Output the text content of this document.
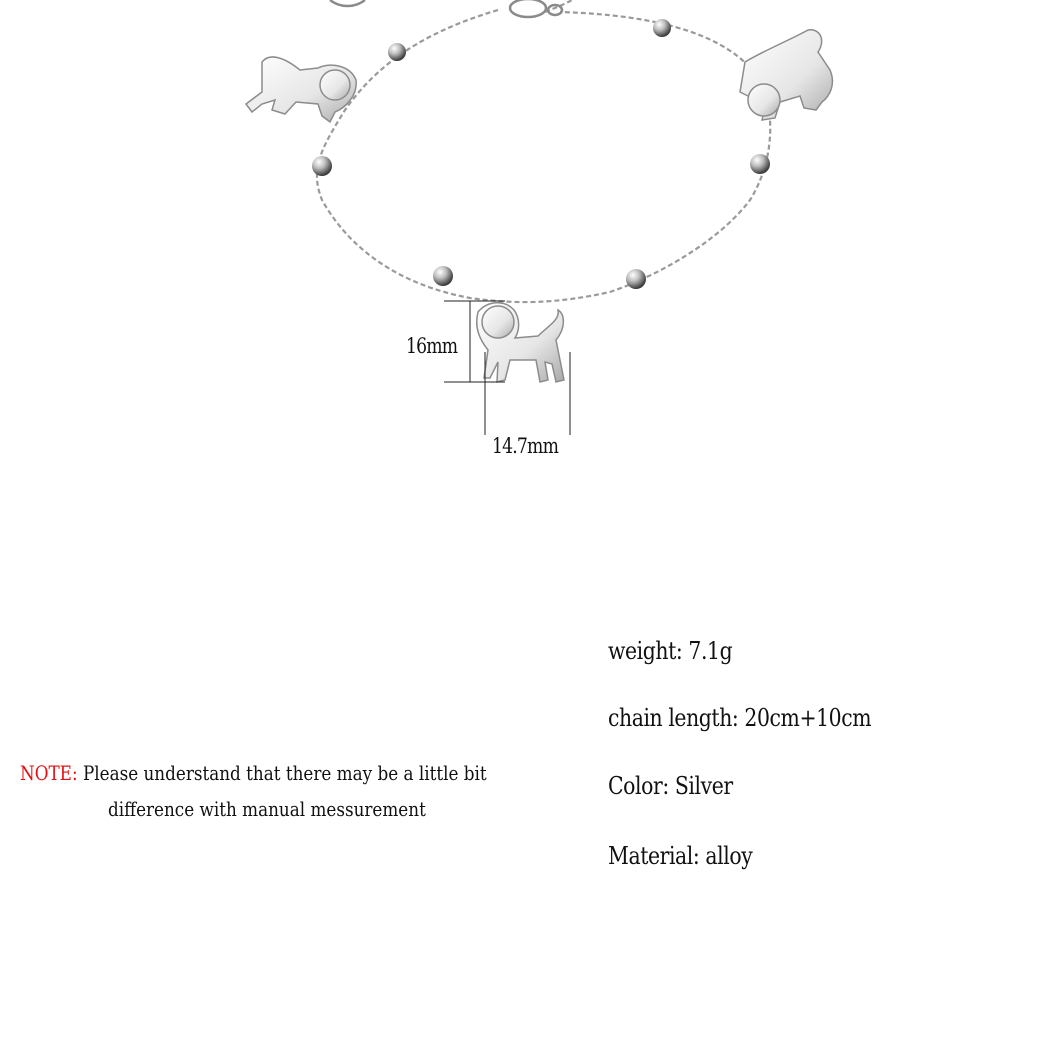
16mm
14.7mm
weight: 7.1g
chain length: 20cm+10cm
Color: Silver
Material: alloy
NOTE: Please understand that there may be a little bit
difference with manual messurement
